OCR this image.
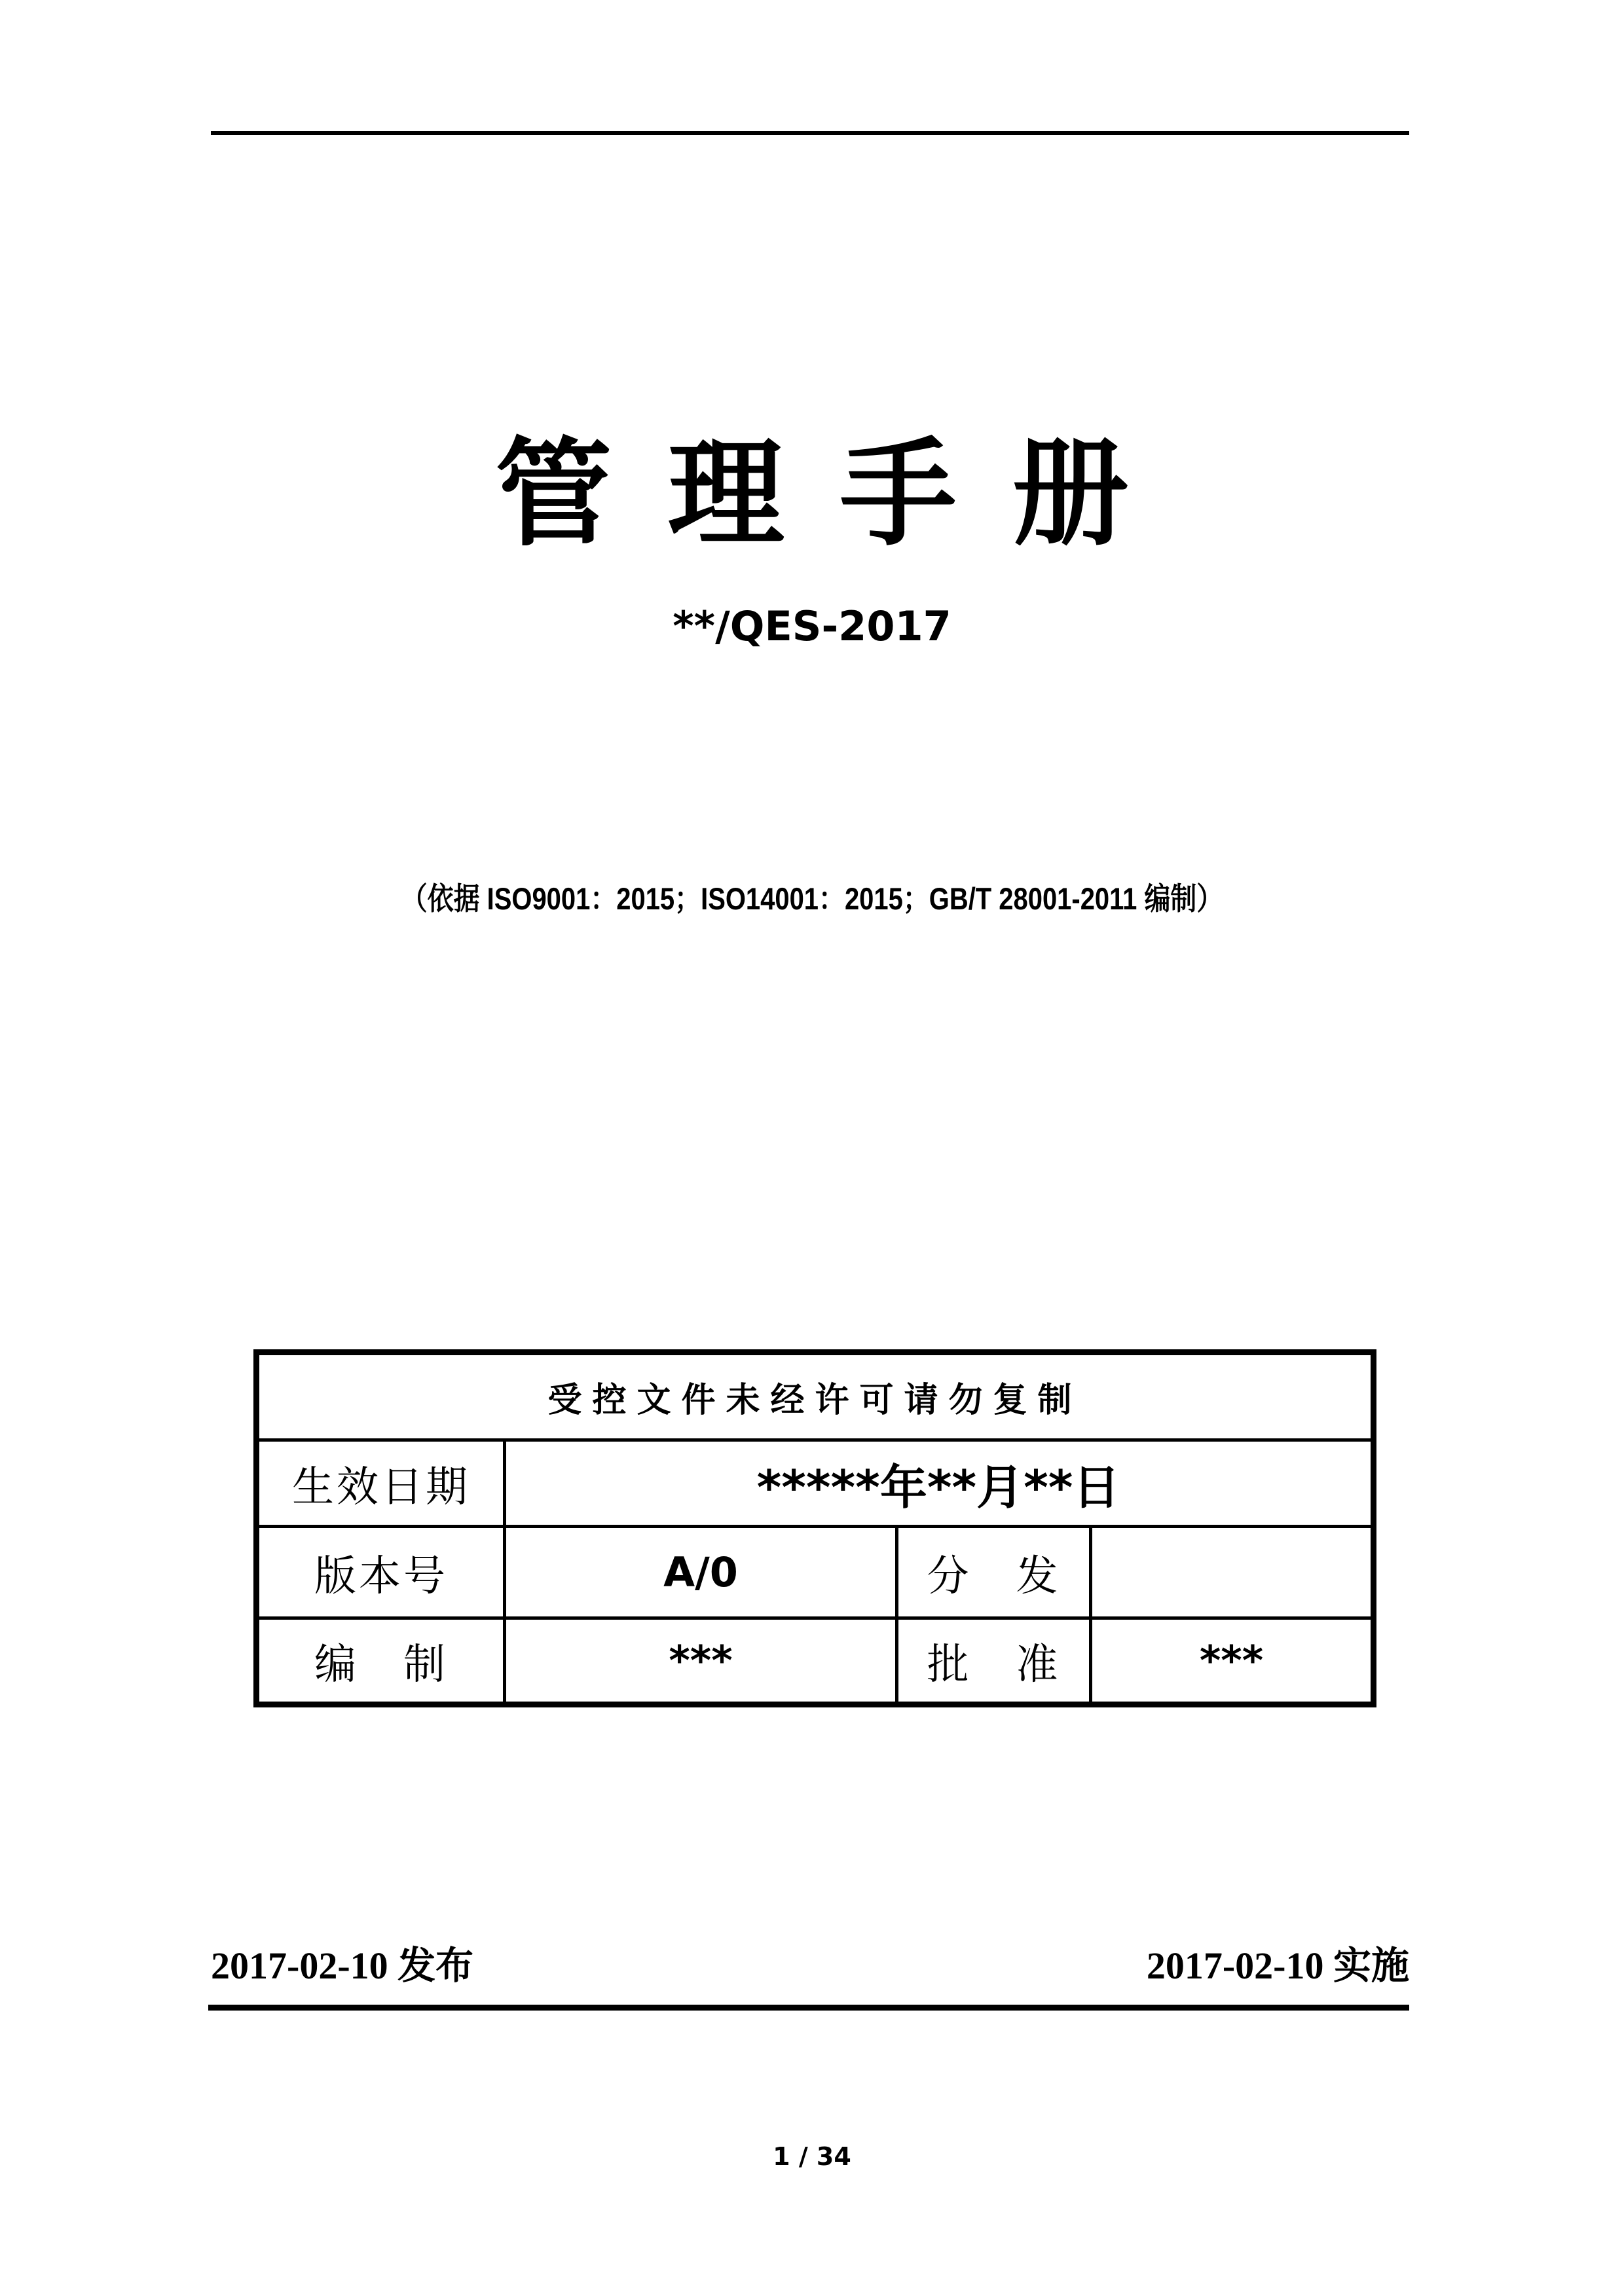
管理手册
**/QES-2017
（依据 ISO9001：2015；ISO14001：2015；GB/T 28001-2011 编制）
受控文件未经许可请勿复制			
生效日期	*****年**月**日		
版本号	A/0	分　发	
编　制	***	批　准	***
2017-02-10 发布	2017-02-10 实施
1 / 34
